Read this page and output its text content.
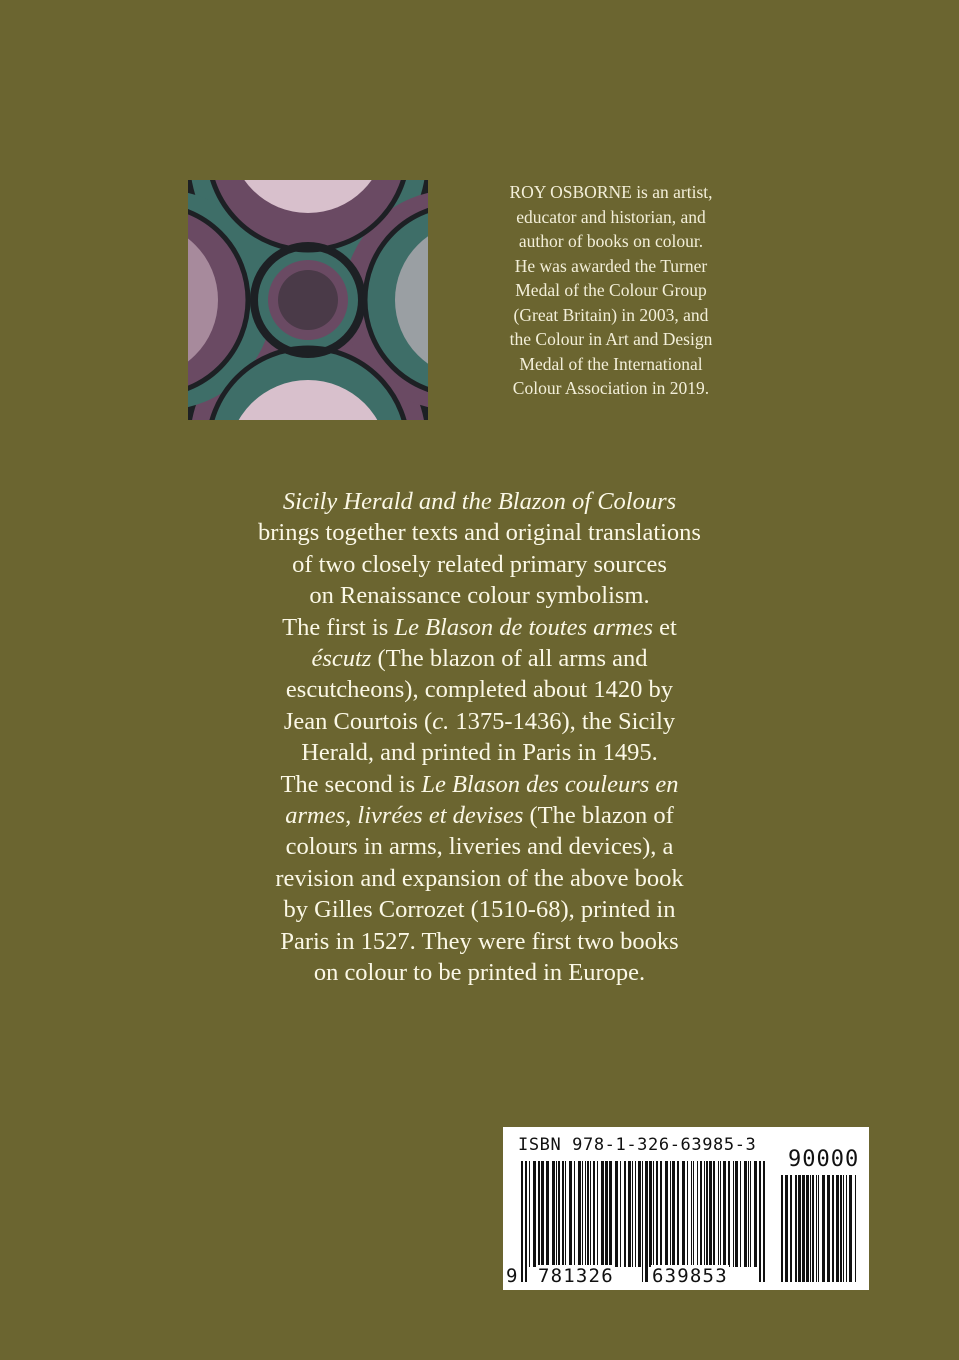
ROY OSBORNE is an artist,
educator and historian, and
author of books on colour.
He was awarded the Turner
Medal of the Colour Group
(Great Britain) in 2003, and
the Colour in Art and Design
Medal of the International
Colour Association in 2019.
Sicily Herald and the Blazon of Colours
brings together texts and original translations
of two closely related primary sources
on Renaissance colour symbolism.
The first is Le Blason de toutes armes et
éscutz (The blazon of all arms and
escutcheons), completed about 1420 by
Jean Courtois (c. 1375-1436), the Sicily
Herald, and printed in Paris in 1495.
The second is Le Blason des couleurs en
armes, livrées et devises (The blazon of
colours in arms, liveries and devices), a
revision and expansion of the above book
by Gilles Corrozet (1510-68), printed in
Paris in 1527. They were first two books
on colour to be printed in Europe.
ISBN 978-1-326-63985-3
90000
9 781326 639853
